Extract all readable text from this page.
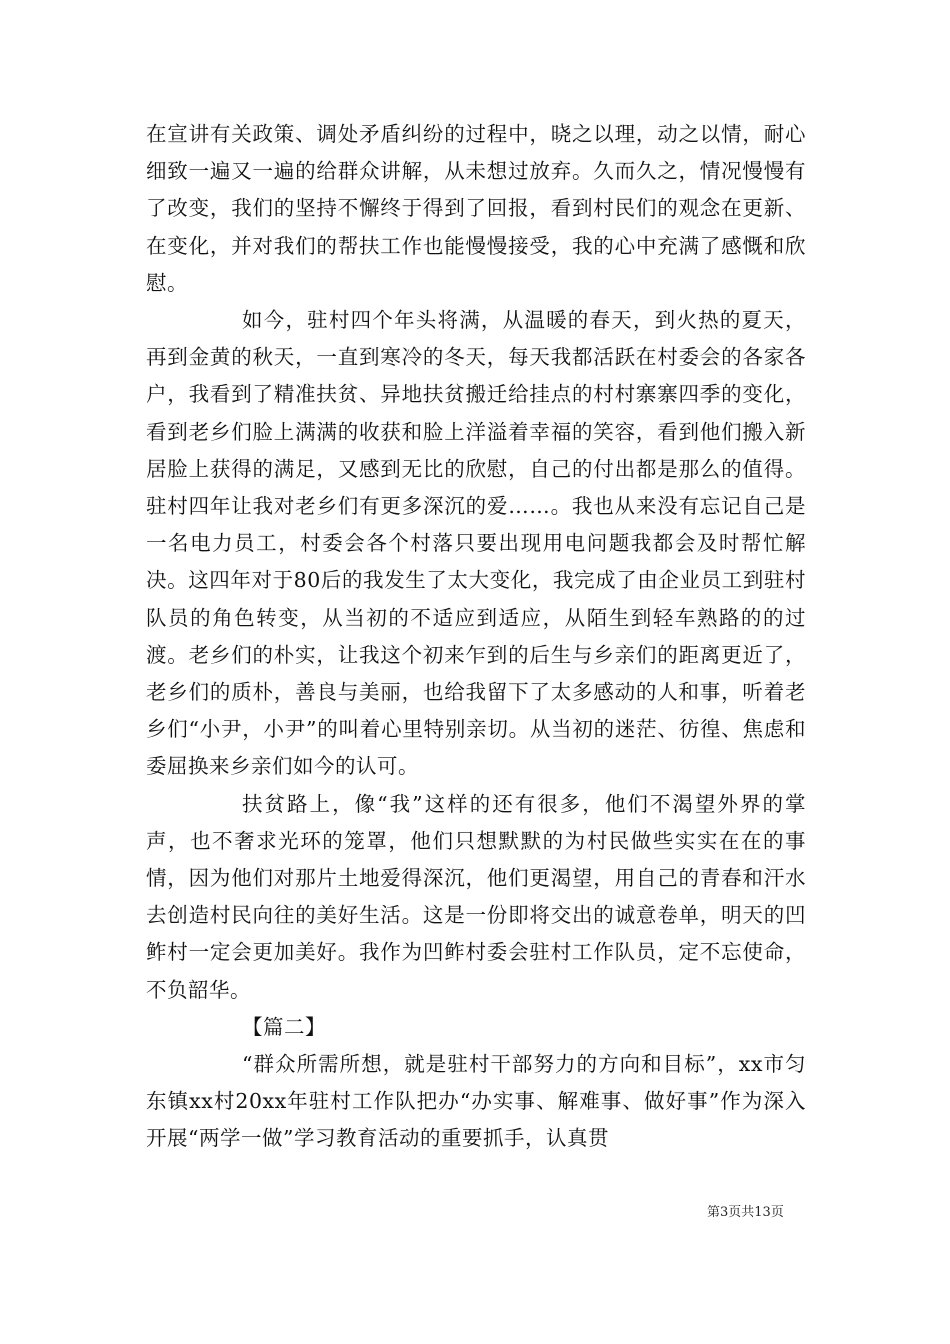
在宣讲有关政策、调处矛盾纠纷的过程中，晓之以理，动之以情，耐心细致一遍又一遍的给群众讲解，从未想过放弃。久而久之，情况慢慢有了改变，我们的坚持不懈终于得到了回报，看到村民们的观念在更新、在变化，并对我们的帮扶工作也能慢慢接受，我的心中充满了感慨和欣慰。

如今，驻村四个年头将满，从温暖的春天，到火热的夏天，再到金黄的秋天，一直到寒冷的冬天，每天我都活跃在村委会的各家各户，我看到了精准扶贫、异地扶贫搬迁给挂点的村村寨寨四季的变化，看到老乡们脸上满满的收获和脸上洋溢着幸福的笑容，看到他们搬入新居脸上获得的满足，又感到无比的欣慰，自己的付出都是那么的值得。驻村四年让我对老乡们有更多深沉的爱……。我也从来没有忘记自己是一名电力员工，村委会各个村落只要出现用电问题我都会及时帮忙解决。这四年对于80后的我发生了太大变化，我完成了由企业员工到驻村队员的角色转变，从当初的不适应到适应，从陌生到轻车熟路的的过渡。老乡们的朴实，让我这个初来乍到的后生与乡亲们的距离更近了，老乡们的质朴，善良与美丽，也给我留下了太多感动的人和事，听着老乡们“小尹，小尹”的叫着心里特别亲切。从当初的迷茫、彷徨、焦虑和委屈换来乡亲们如今的认可。

扶贫路上，像“我”这样的还有很多，他们不渴望外界的掌声，也不奢求光环的笼罩，他们只想默默的为村民做些实实在在的事情，因为他们对那片土地爱得深沉，他们更渴望，用自己的青春和汗水去创造村民向往的美好生活。这是一份即将交出的诚意卷单，明天的凹鲊村一定会更加美好。我作为凹鲊村委会驻村工作队员，定不忘使命，不负韶华。

【篇二】

“群众所需所想，就是驻村干部努力的方向和目标”，xx市匀东镇xx村20xx年驻村工作队把办“办实事、解难事、做好事”作为深入开展“两学一做”学习教育活动的重要抓手，认真贯

第3页共13页
